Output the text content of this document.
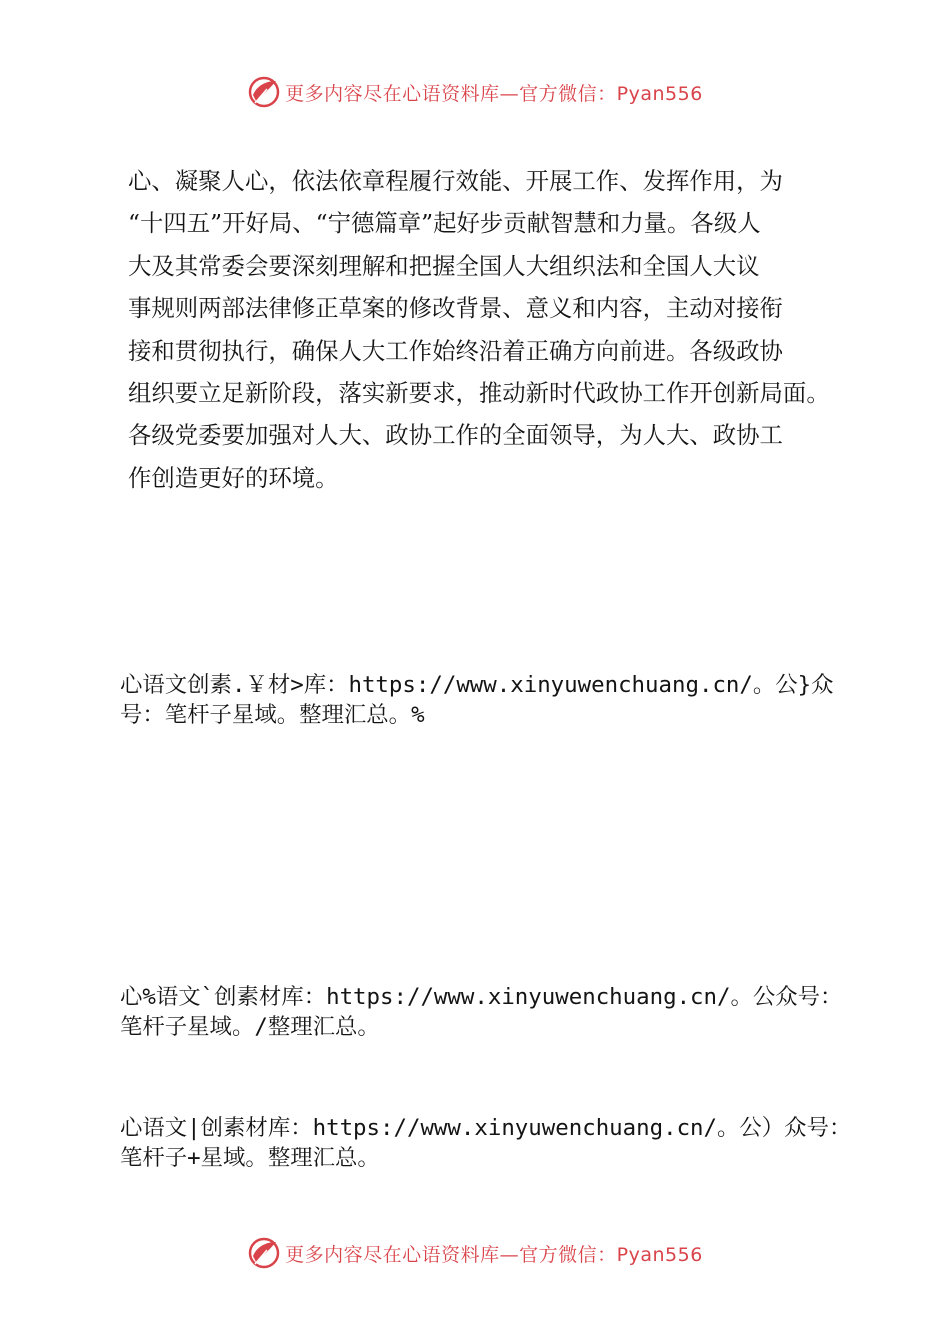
更多内容尽在心语资料库—官方微信：Pyan556
心、凝聚人心，依法依章程履行效能、开展工作、发挥作用，为
“十四五”开好局、“宁德篇章”起好步贡献智慧和力量。各级人
大及其常委会要深刻理解和把握全国人大组织法和全国人大议
事规则两部法律修正草案的修改背景、意义和内容，主动对接衔
接和贯彻执行，确保人大工作始终沿着正确方向前进。各级政协
组织要立足新阶段，落实新要求，推动新时代政协工作开创新局面。
各级党委要加强对人大、政协工作的全面领导，为人大、政协工
作创造更好的环境。
心语文创素.￥材>库：https://www.xinyuwenchuang.cn/。公}众
号：笔杆子星域。整理汇总。%
心%语文`创素材库：https://www.xinyuwenchuang.cn/。公众号：
笔杆子星域。/整理汇总。
心语文|创素材库：https://www.xinyuwenchuang.cn/。公）众号：
笔杆子+星域。整理汇总。
更多内容尽在心语资料库—官方微信：Pyan556
